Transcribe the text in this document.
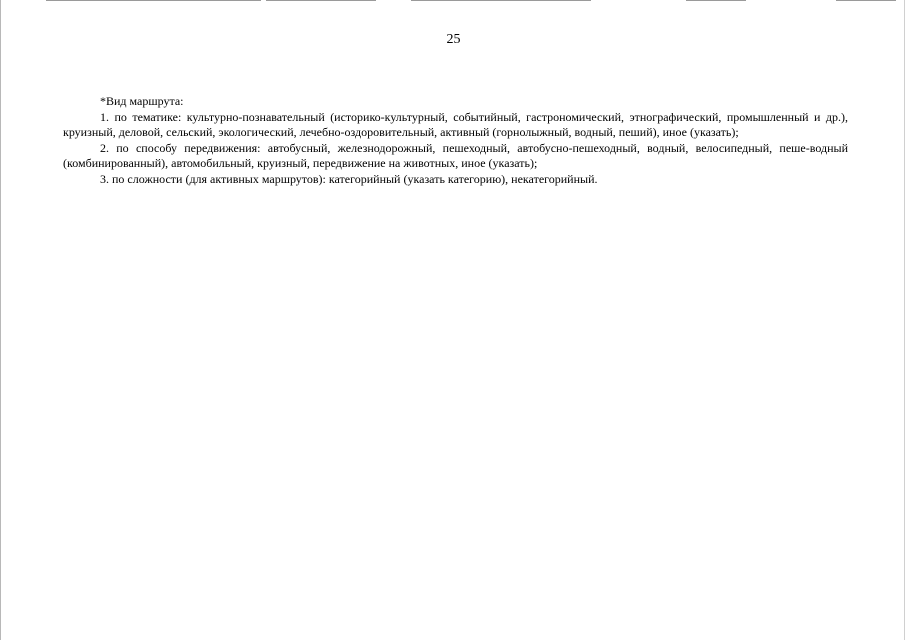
25

*Вид маршрута:

1. по тематике: культурно-познавательный (историко-культурный, событийный, гастрономический, этнографический, промышленный и др.), круизный, деловой, сельский, экологический, лечебно-оздоровительный, активный (горнолыжный, водный, пеший), иное (указать);

2. по способу передвижения: автобусный, железнодорожный, пешеходный, автобусно-пешеходный, водный, велосипедный, пеше-водный (комбинированный), автомобильный, круизный, передвижение на животных, иное (указать);

3. по сложности (для активных маршрутов): категорийный (указать категорию), некатегорийный.
